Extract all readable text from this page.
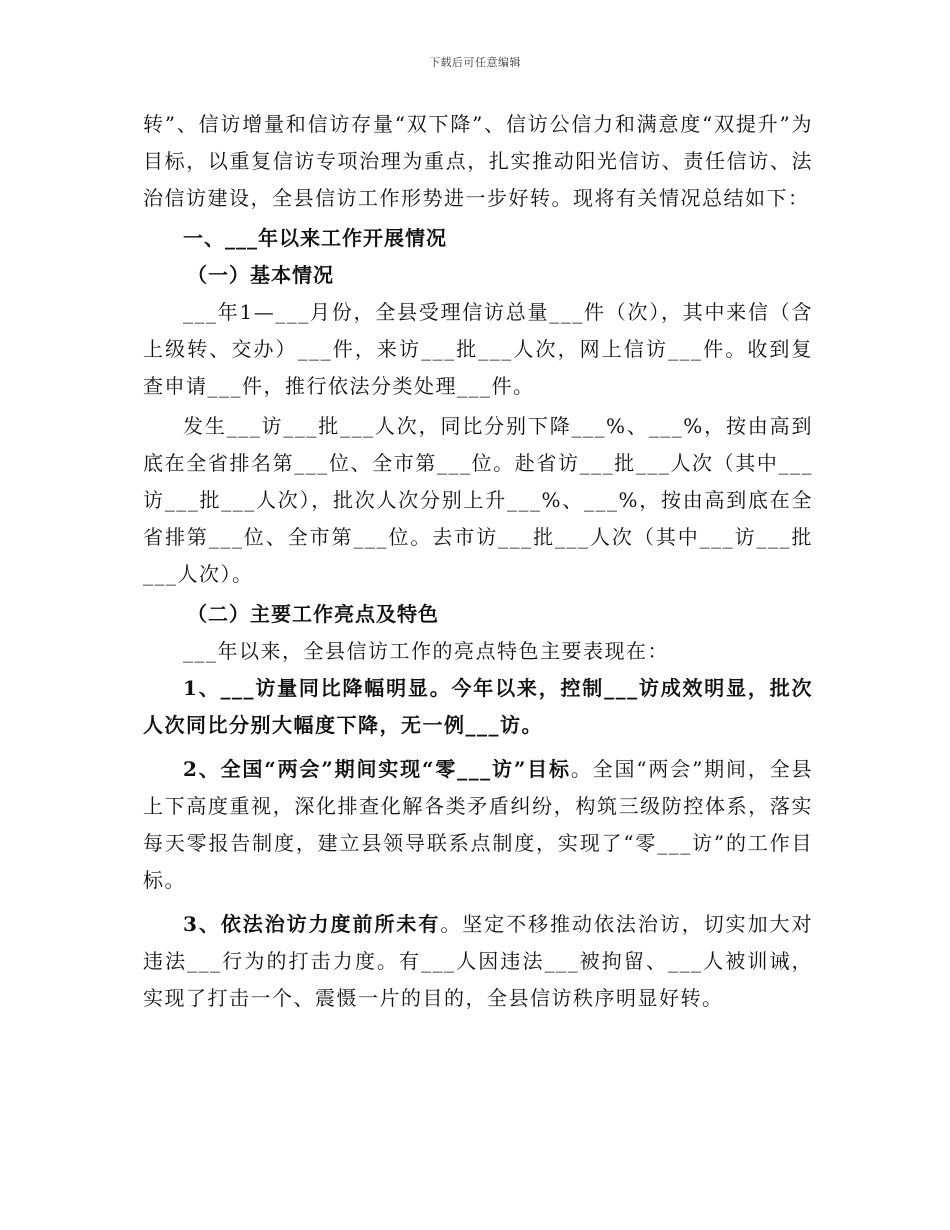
下载后可任意编辑

转”、信访增量和信访存量“双下降”、信访公信力和满意度“双提升”为目标，以重复信访专项治理为重点，扎实推动阳光信访、责任信访、法治信访建设，全县信访工作形势进一步好转。现将有关情况总结如下：

一、___年以来工作开展情况

（一）基本情况

___年1—___月份，全县受理信访总量___件（次），其中来信（含上级转、交办）___件，来访___批___人次，网上信访___件。收到复查申请___件，推行依法分类处理___件。

发生___访___批___人次，同比分别下降___%、___%，按由高到底在全省排名第___位、全市第___位。赴省访___批___人次（其中___访___批___人次），批次人次分别上升___%、___%，按由高到底在全省排第___位、全市第___位。去市访___批___人次（其中___访___批___人次）。

（二）主要工作亮点及特色

___年以来，全县信访工作的亮点特色主要表现在：

1、___访量同比降幅明显。今年以来，控制___访成效明显，批次人次同比分别大幅度下降，无一例___访。

2、全国“两会”期间实现“零___访”目标。全国“两会”期间，全县上下高度重视，深化排查化解各类矛盾纠纷，构筑三级防控体系，落实每天零报告制度，建立县领导联系点制度，实现了“零___访”的工作目标。

3、依法治访力度前所未有。坚定不移推动依法治访，切实加大对违法___行为的打击力度。有___人因违法___被拘留、___人被训诫，实现了打击一个、震慑一片的目的，全县信访秩序明显好转。
